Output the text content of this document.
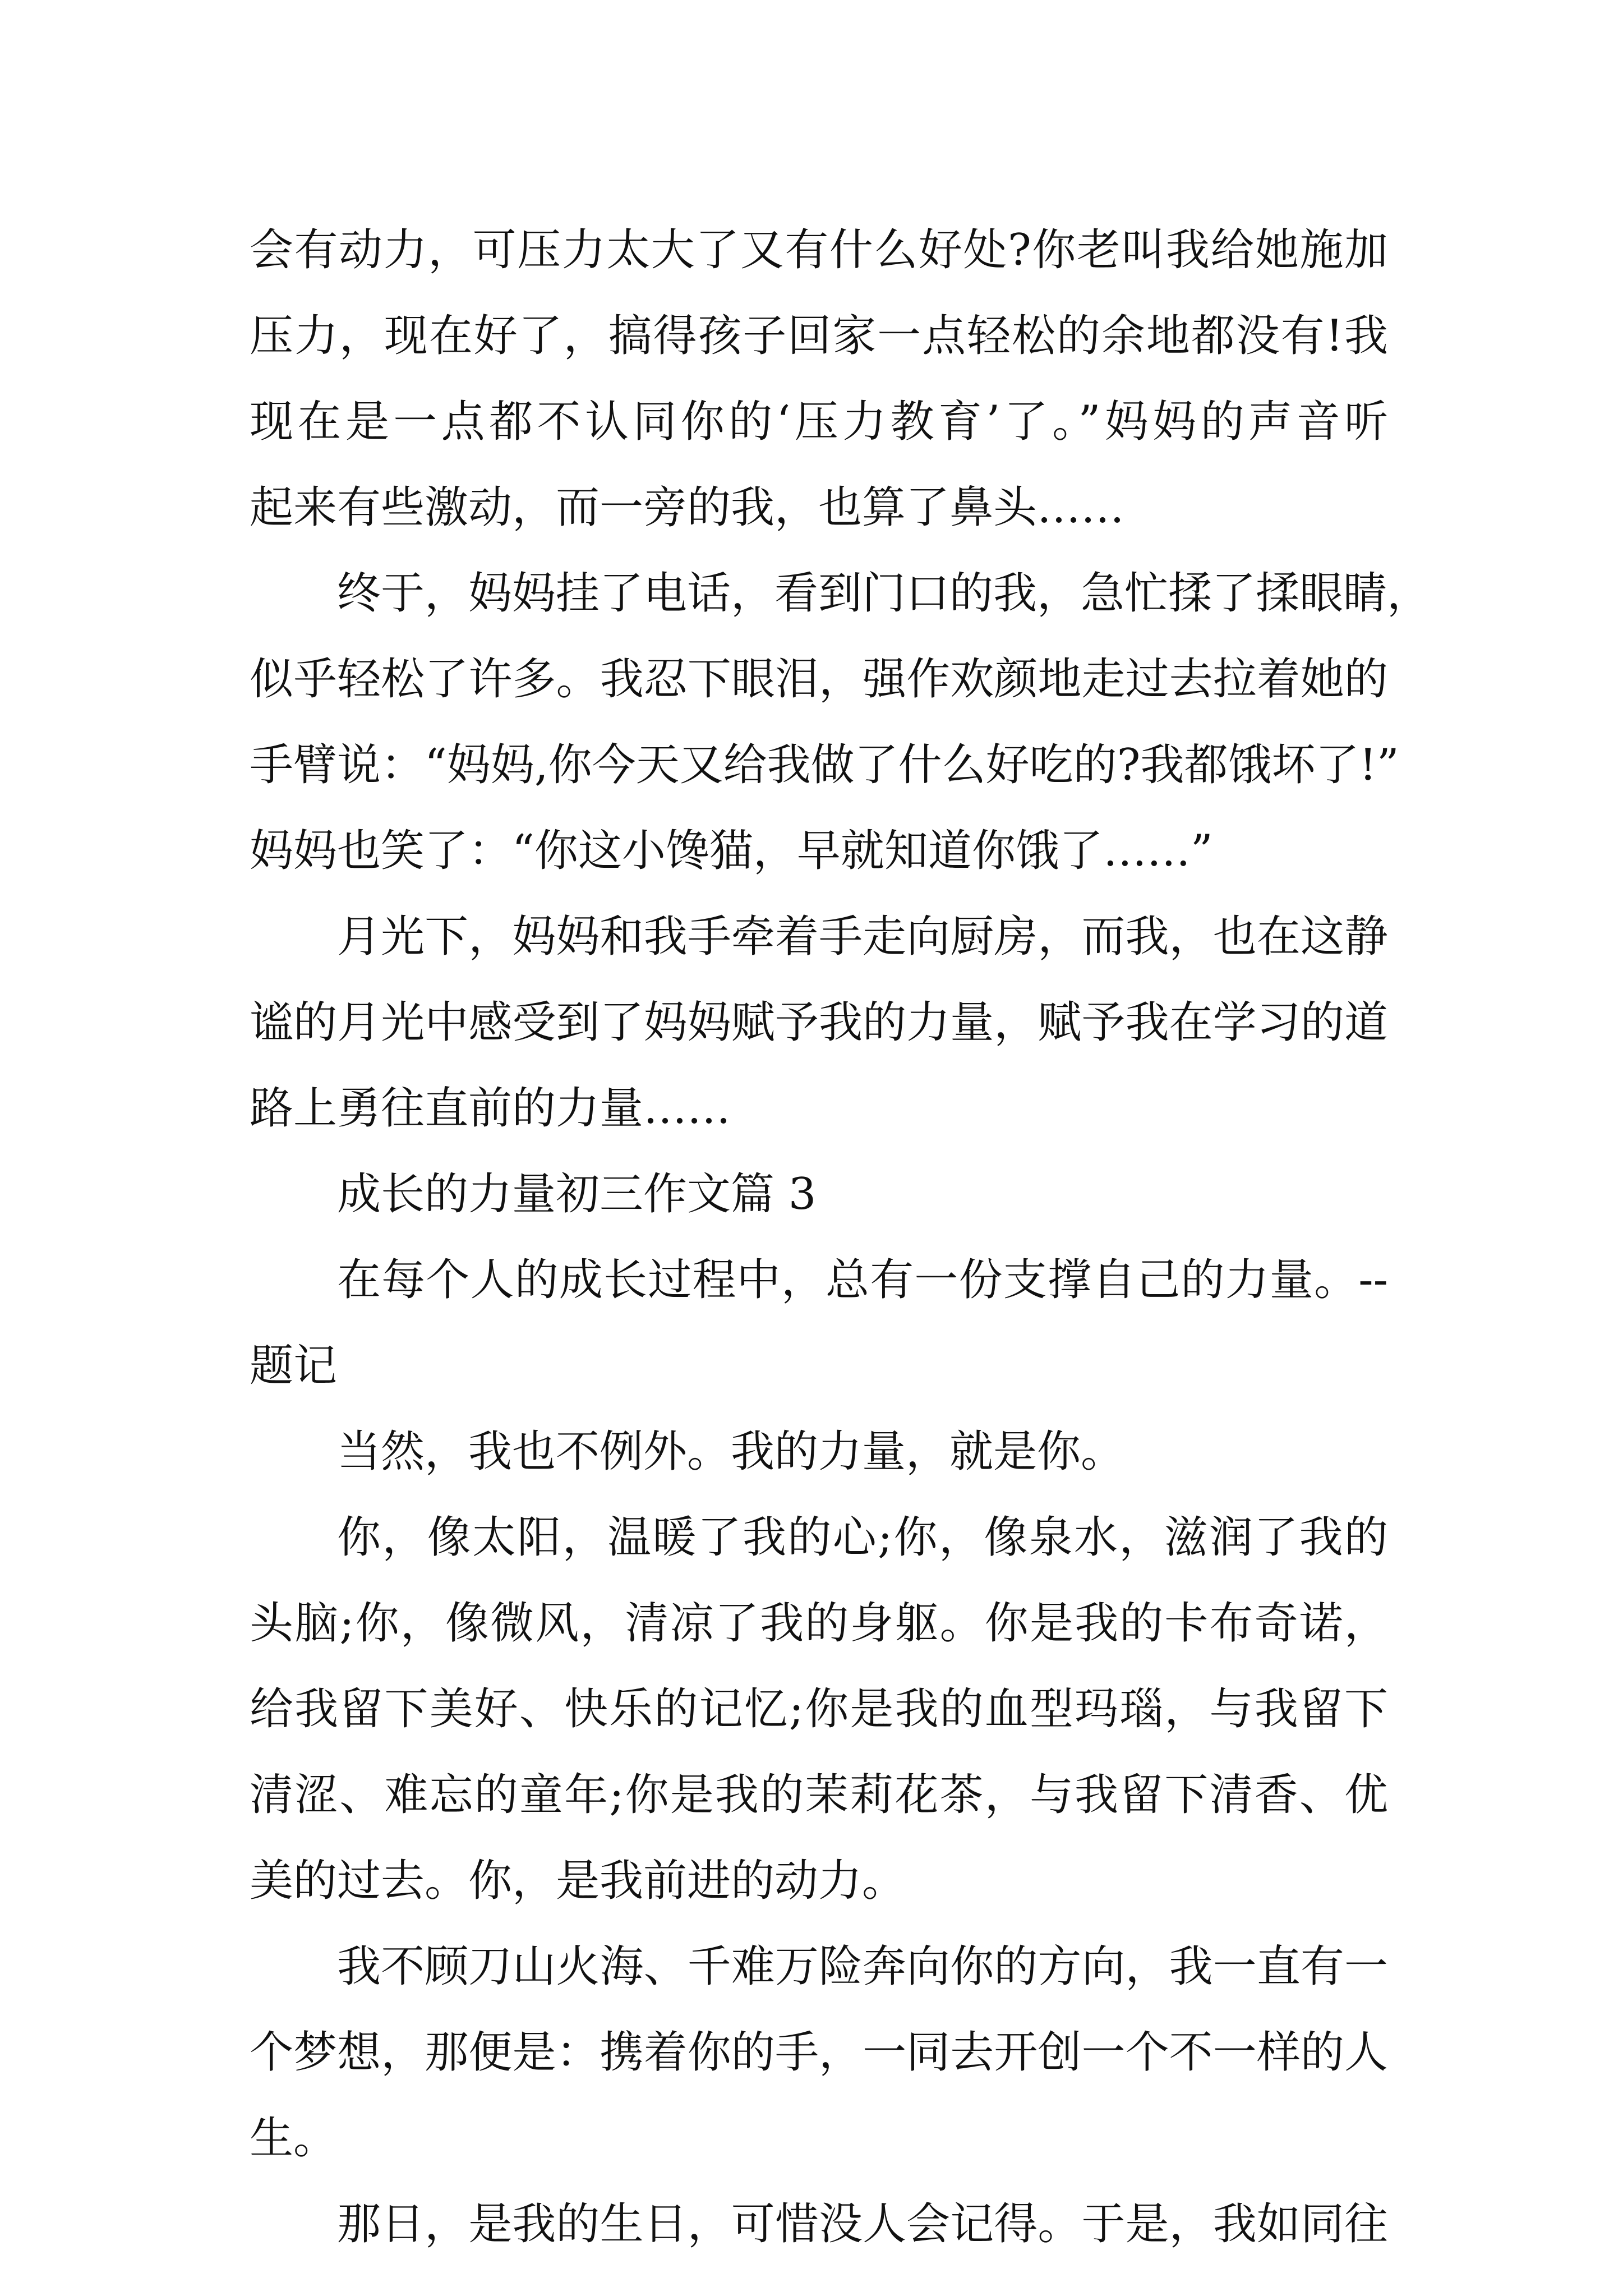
会有动力，可压力太大了又有什么好处?你老叫我给她施加
压力，现在好了，搞得孩子回家一点轻松的余地都没有!我
现在是一点都不认同你的‘压力教育’了。”妈妈的声音听
起来有些激动，而一旁的我，也算了鼻头……
终于，妈妈挂了电话，看到门口的我，急忙揉了揉眼睛，
似乎轻松了许多。我忍下眼泪，强作欢颜地走过去拉着她的
手臂说：“妈妈,你今天又给我做了什么好吃的?我都饿坏了!”
妈妈也笑了：“你这小馋猫，早就知道你饿了……”
月光下，妈妈和我手牵着手走向厨房，而我，也在这静
谧的月光中感受到了妈妈赋予我的力量，赋予我在学习的道
路上勇往直前的力量……
成长的力量初三作文篇 3
在每个人的成长过程中，总有一份支撑自己的力量。--
题记
当然，我也不例外。我的力量，就是你。
你，像太阳，温暖了我的心;你，像泉水，滋润了我的
头脑;你，像微风，清凉了我的身躯。你是我的卡布奇诺，
给我留下美好、快乐的记忆;你是我的血型玛瑙，与我留下
清涩、难忘的童年;你是我的茉莉花茶，与我留下清香、优
美的过去。你，是我前进的动力。
我不顾刀山火海、千难万险奔向你的方向，我一直有一
个梦想，那便是：携着你的手，一同去开创一个不一样的人
生。
那日，是我的生日，可惜没人会记得。于是，我如同往
